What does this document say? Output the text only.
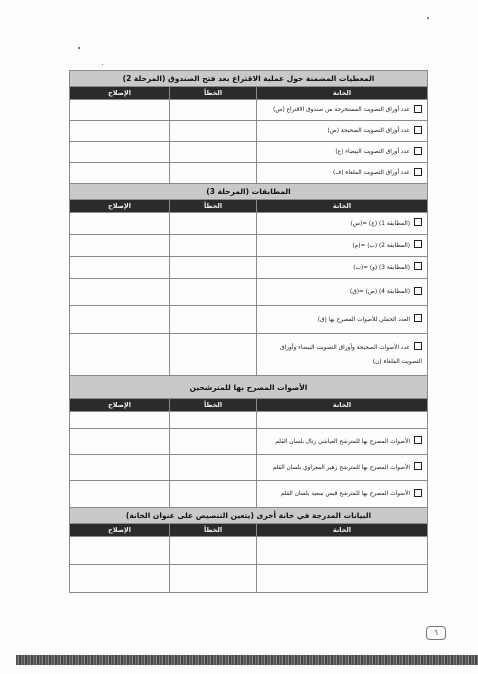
المعطيات المضمنة حول عملية الاقتراع بعد فتح الصندوق (المرحلة 2)		
الخانة	الخطأ	الإصلاح
عدد أوراق التصويت المستخرجة من صندوق الاقتراع (س)		
عدد أوراق التصويت الصحيحة (ص)		
عدد أوراق التصويت البيضاء (ع)		
عدد أوراق التصويت الملغاة (ف)		
المطابقات (المرحلة 3)		
الخانة	الخطأ	الإصلاح
(المطابقة 1) (ج) =(س)		
(المطابقة 2) (ب) =(م)		
(المطابقة 3) (و) =(ب)		
(المطابقة 4) (ص) =(ق)		
العدد الجملي للأصوات المصرح بها (ق)		
عدد الأصوات الصحيحة وأوراق التصويت البيضاء وأوراق التصويت الملغاة (ن)		
الأصوات المصرح بها للمترشحين		
الخانة	الخطأ	الإصلاح

الأصوات المصرح بها للمترشح العياشي زنال بلسان القلم		
الأصوات المصرح بها للمترشح زهير المغزاوي بلسان القلم		
الأصوات المصرح بها للمترشح قيس سعيد بلسان القلم		
البيانات المدرجة في خانة أخرى (يتعين التنصيص على عنوان الخانة)		
الخانة	الخطأ	الإصلاح

٦
